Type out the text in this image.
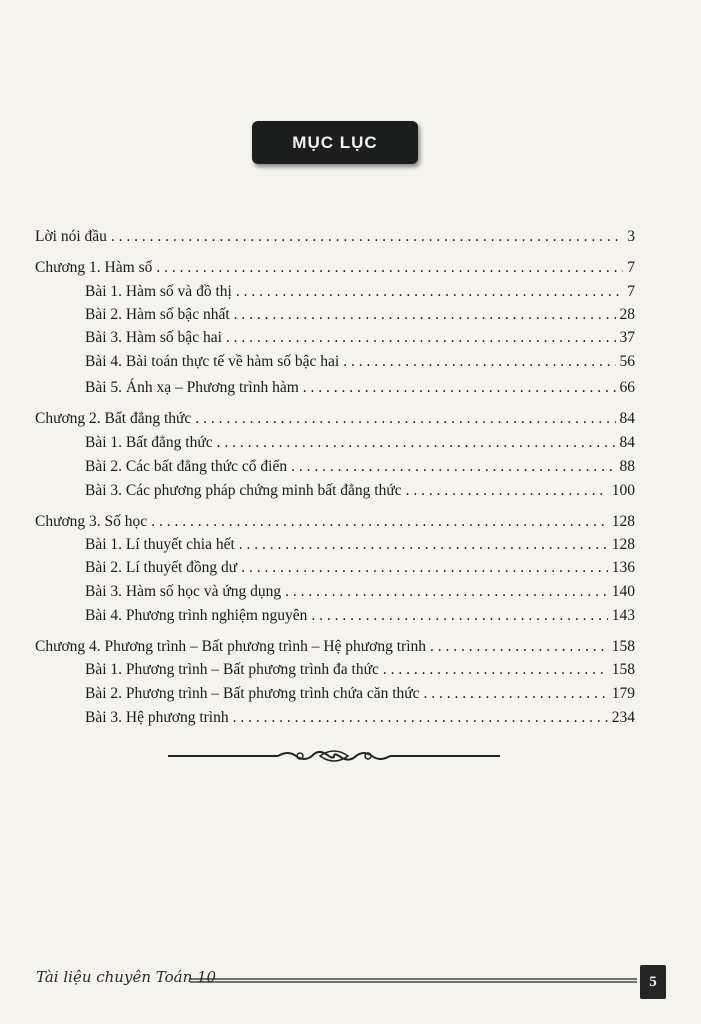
MỤC LỤC
Lời nói đầu . . .	3
Chương 1. Hàm số . . .	7
Bài 1. Hàm số và đồ thị . . .	7
Bài 2. Hàm số bậc nhất . . .	28
Bài 3. Hàm số bậc hai . . .	37
Bài 4. Bài toán thực tế về hàm số bậc hai . . .	56
Bài 5. Ánh xạ – Phương trình hàm . . .	66
Chương 2. Bất đẳng thức . . .	84
Bài 1. Bất đẳng thức . . .	84
Bài 2. Các bất đẳng thức cổ điển . . .	88
Bài 3. Các phương pháp chứng minh bất đẳng thức . . .	100
Chương 3. Số học . . .	128
Bài 1. Lí thuyết chia hết . . .	128
Bài 2. Lí thuyết đồng dư . . .	136
Bài 3. Hàm số học và ứng dụng . . .	140
Bài 4. Phương trình nghiệm nguyên . . .	143
Chương 4. Phương trình – Bất phương trình – Hệ phương trình . . .	158
Bài 1. Phương trình – Bất phương trình đa thức . . .	158
Bài 2. Phương trình – Bất phương trình chứa căn thức . . .	179
Bài 3. Hệ phương trình . . .	234
Tài liệu chuyên Toán 10	5
